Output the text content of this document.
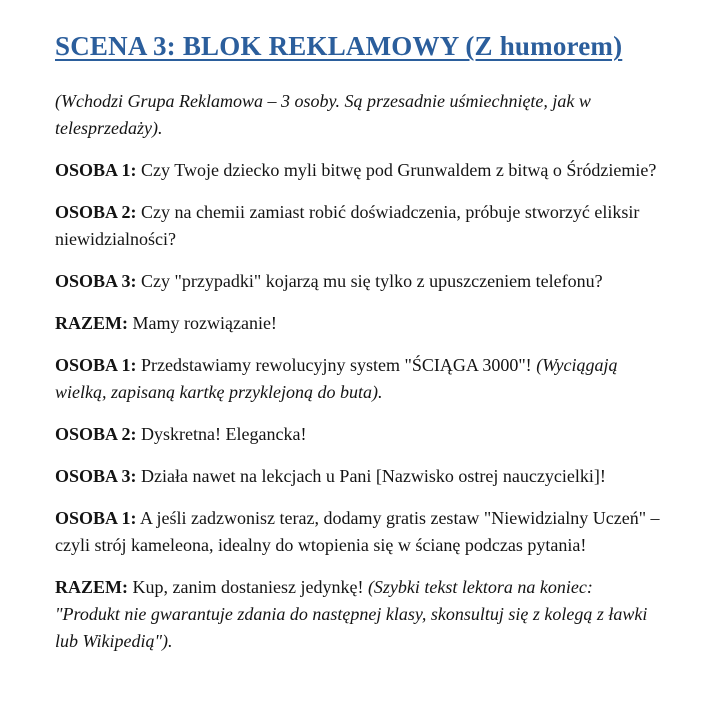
SCENA 3: BLOK REKLAMOWY (Z humorem)

(Wchodzi Grupa Reklamowa – 3 osoby. Są przesadnie uśmiechnięte, jak w telesprzedaży).

OSOBA 1: Czy Twoje dziecko myli bitwę pod Grunwaldem z bitwą o Śródziemie?

OSOBA 2: Czy na chemii zamiast robić doświadczenia, próbuje stworzyć eliksir niewidzialności?

OSOBA 3: Czy "przypadki" kojarzą mu się tylko z upuszczeniem telefonu?

RAZEM: Mamy rozwiązanie!

OSOBA 1: Przedstawiamy rewolucyjny system "ŚCIĄGA 3000"! (Wyciągają wielką, zapisaną kartkę przyklejoną do buta).

OSOBA 2: Dyskretna! Elegancka!

OSOBA 3: Działa nawet na lekcjach u Pani [Nazwisko ostrej nauczycielki]!

OSOBA 1: A jeśli zadzwonisz teraz, dodamy gratis zestaw "Niewidzialny Uczeń" – czyli strój kameleona, idealny do wtopienia się w ścianę podczas pytania!

RAZEM: Kup, zanim dostaniesz jedynkę! (Szybki tekst lektora na koniec: "Produkt nie gwarantuje zdania do następnej klasy, skonsultuj się z kolegą z ławki lub Wikipedią").
